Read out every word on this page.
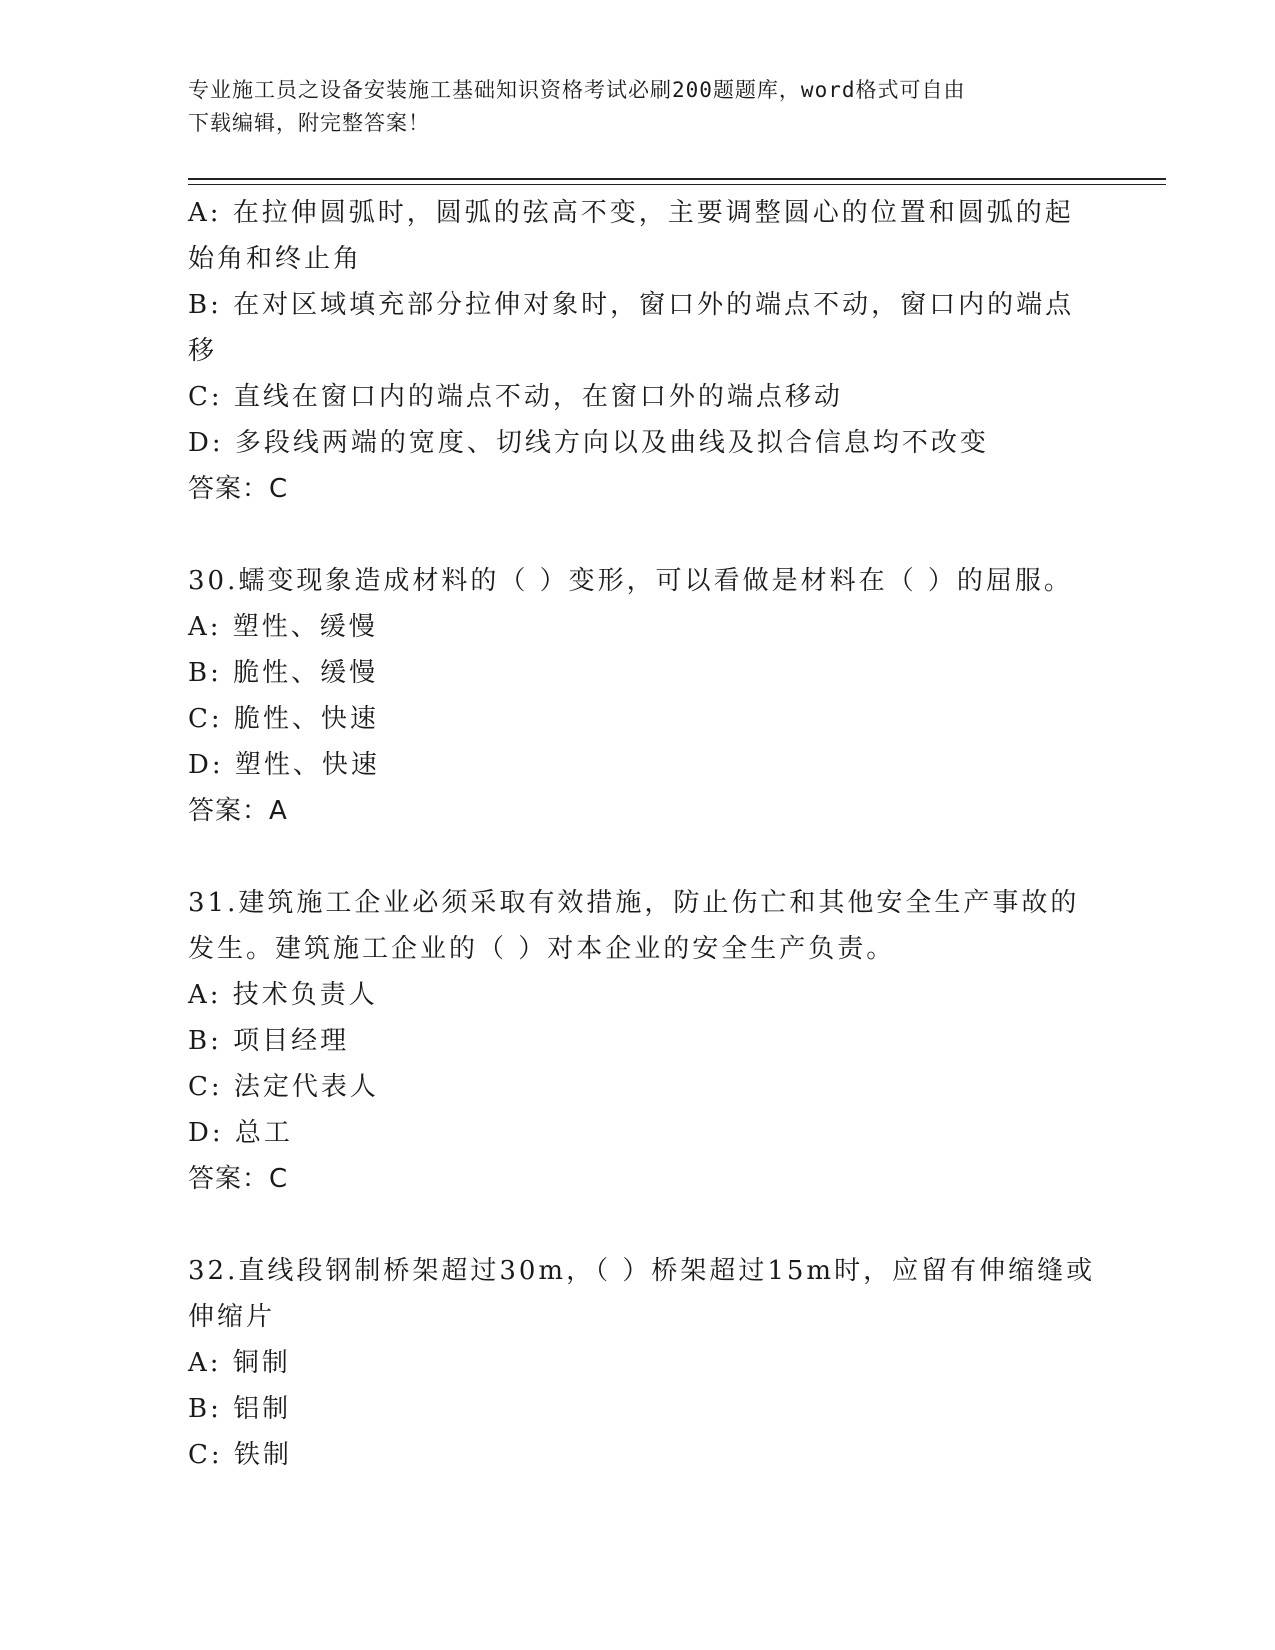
专业施工员之设备安装施工基础知识资格考试必刷200题题库，word格式可自由
下载编辑，附完整答案！
A: 在拉伸圆弧时，圆弧的弦高不变，主要调整圆心的位置和圆弧的起
始角和终止角
B: 在对区域填充部分拉伸对象时，窗口外的端点不动，窗口内的端点
移
C: 直线在窗口内的端点不动，在窗口外的端点移动
D: 多段线两端的宽度、切线方向以及曲线及拟合信息均不改变
答案：C
30.蠕变现象造成材料的（ ）变形，可以看做是材料在（ ）的屈服。
A: 塑性、缓慢
B: 脆性、缓慢
C: 脆性、快速
D: 塑性、快速
答案：A
31.建筑施工企业必须采取有效措施，防止伤亡和其他安全生产事故的
发生。建筑施工企业的（ ）对本企业的安全生产负责。
A: 技术负责人
B: 项目经理
C: 法定代表人
D: 总工
答案：C
32.直线段钢制桥架超过30m，（ ）桥架超过15m时，应留有伸缩缝或
伸缩片
A: 铜制
B: 铝制
C: 铁制
